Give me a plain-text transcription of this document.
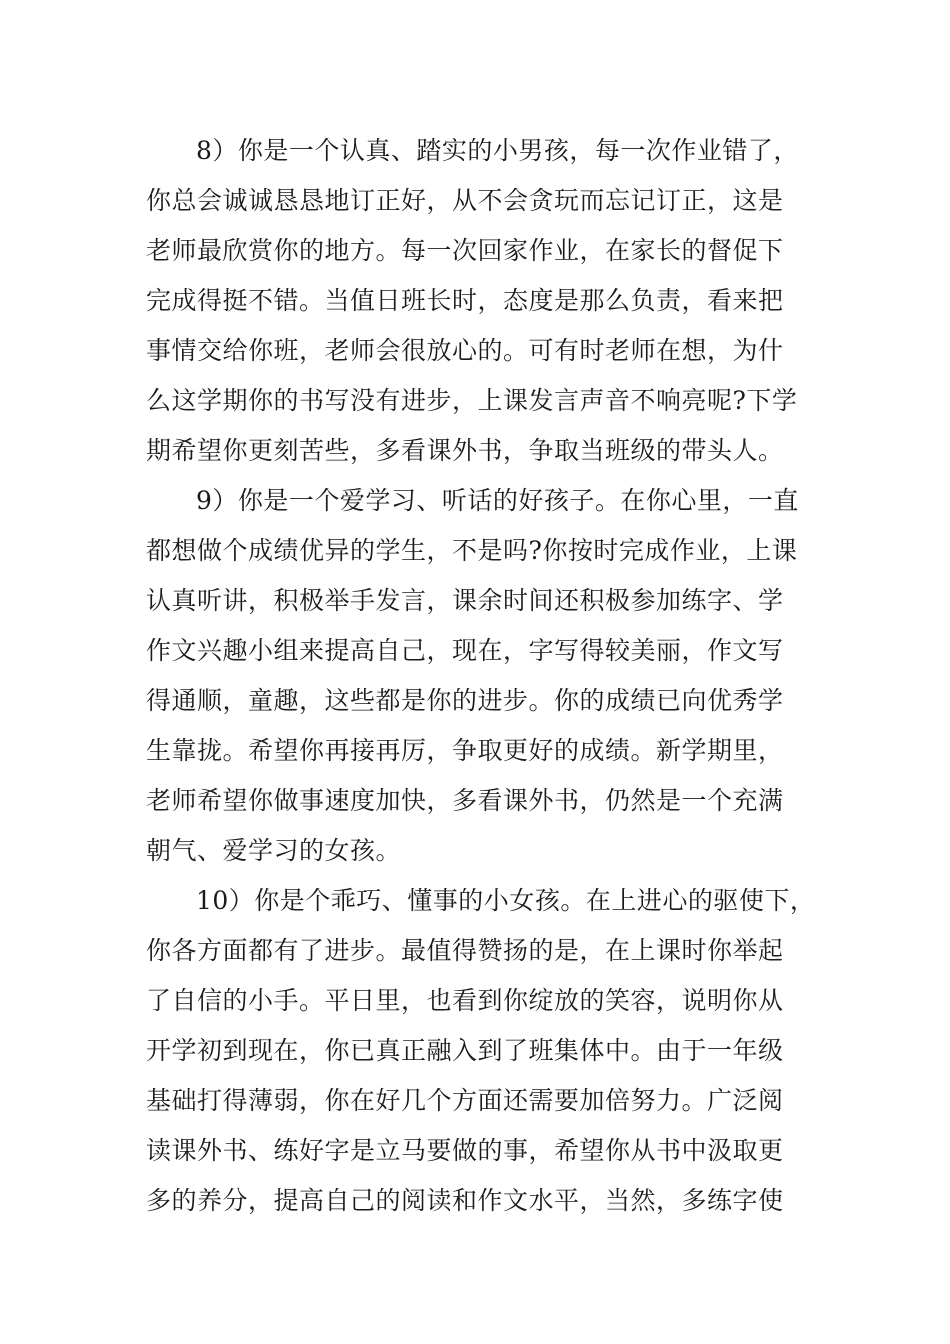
8）你是一个认真、踏实的小男孩，每一次作业错了，
你总会诚诚恳恳地订正好，从不会贪玩而忘记订正，这是
老师最欣赏你的地方。每一次回家作业，在家长的督促下
完成得挺不错。当值日班长时，态度是那么负责，看来把
事情交给你班，老师会很放心的。可有时老师在想，为什
么这学期你的书写没有进步，上课发言声音不响亮呢?下学
期希望你更刻苦些，多看课外书，争取当班级的带头人。
9）你是一个爱学习、听话的好孩子。在你心里，一直
都想做个成绩优异的学生，不是吗?你按时完成作业，上课
认真听讲，积极举手发言，课余时间还积极参加练字、学
作文兴趣小组来提高自己，现在，字写得较美丽，作文写
得通顺，童趣，这些都是你的进步。你的成绩已向优秀学
生靠拢。希望你再接再厉，争取更好的成绩。新学期里，
老师希望你做事速度加快，多看课外书，仍然是一个充满
朝气、爱学习的女孩。
10）你是个乖巧、懂事的小女孩。在上进心的驱使下，
你各方面都有了进步。最值得赞扬的是，在上课时你举起
了自信的小手。平日里，也看到你绽放的笑容，说明你从
开学初到现在，你已真正融入到了班集体中。由于一年级
基础打得薄弱，你在好几个方面还需要加倍努力。广泛阅
读课外书、练好字是立马要做的事，希望你从书中汲取更
多的养分，提高自己的阅读和作文水平，当然，多练字使
